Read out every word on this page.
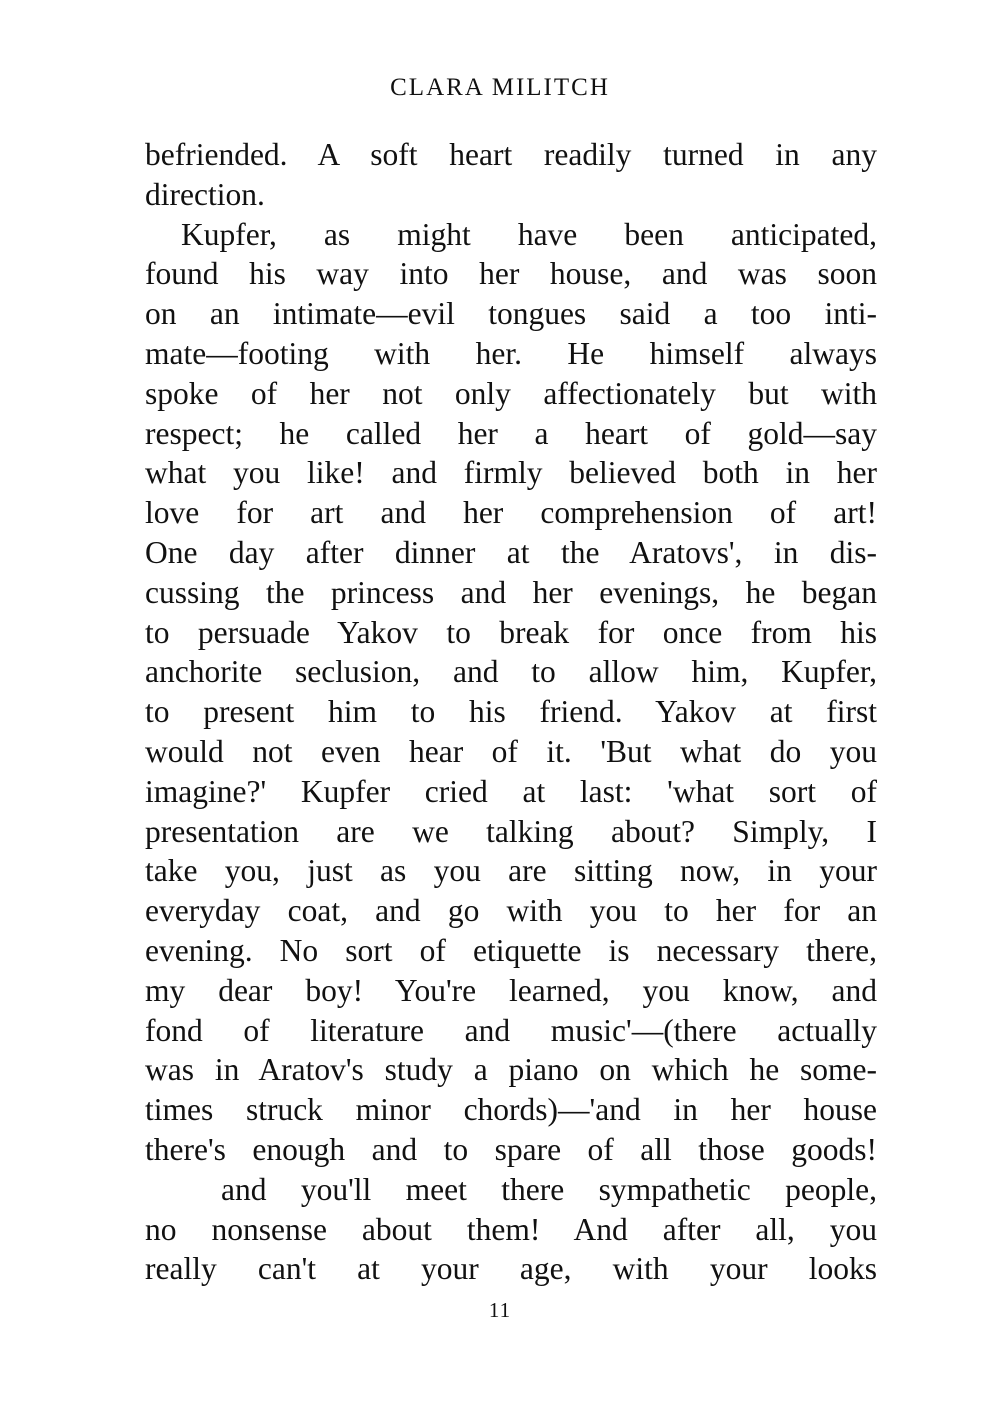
CLARA MILITCH
befriended. A soft heart readily turned in any
direction.
Kupfer, as might have been anticipated,
found his way into her house, and was soon
on an intimate—evil tongues said a too inti-
mate—footing with her. He himself always
spoke of her not only affectionately but with
respect; he called her a heart of gold—say
what you like! and firmly believed both in her
love for art and her comprehension of art!
One day after dinner at the Aratovs', in dis-
cussing the princess and her evenings, he began
to persuade Yakov to break for once from his
anchorite seclusion, and to allow him, Kupfer,
to present him to his friend. Yakov at first
would not even hear of it. 'But what do you
imagine?' Kupfer cried at last: 'what sort of
presentation are we talking about? Simply, I
take you, just as you are sitting now, in your
everyday coat, and go with you to her for an
evening. No sort of etiquette is necessary there,
my dear boy! You're learned, you know, and
fond of literature and music'—(there actually
was in Aratov's study a piano on which he some-
times struck minor chords)—'and in her house
there's enough and to spare of all those goods!
and you'll meet there sympathetic people,
no nonsense about them! And after all, you
really can't at your age, with your looks
11
